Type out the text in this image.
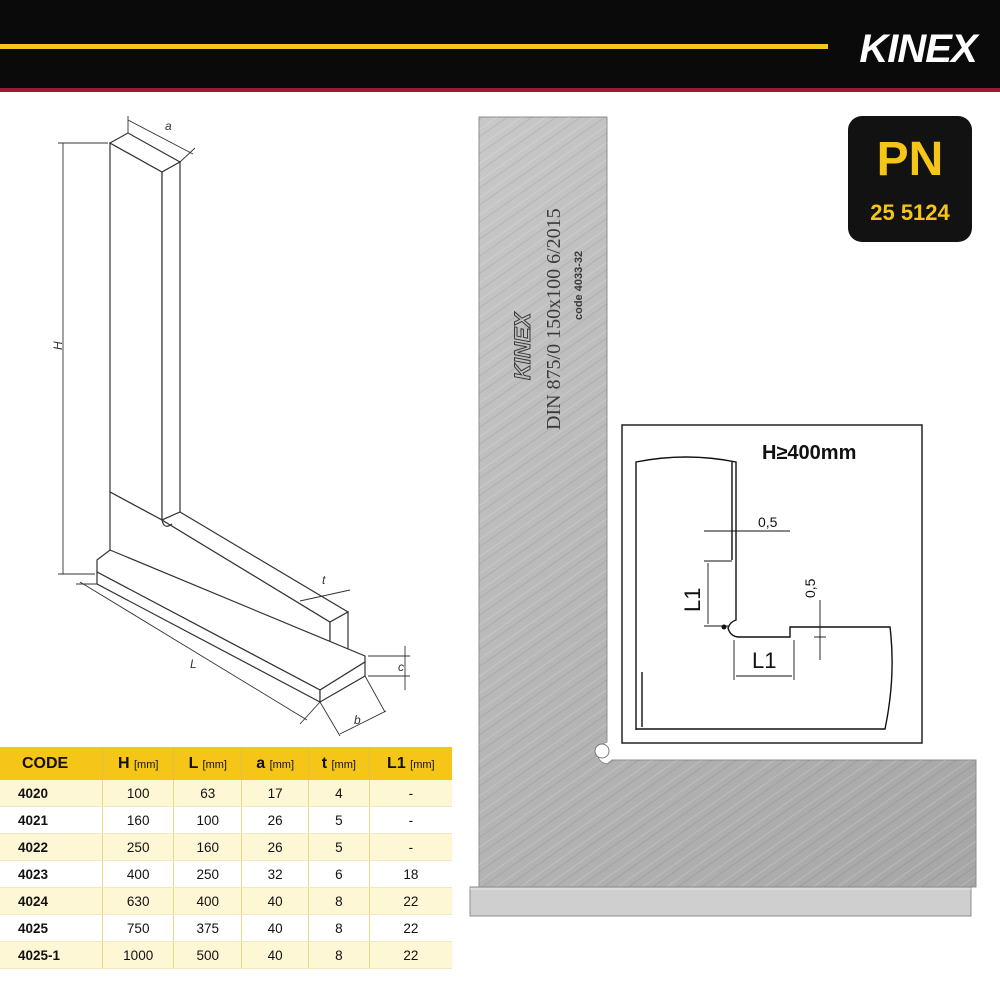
KINEX
PN
25 5124
a
H
L
t
c
b
DIN 875/0 150x100 6/2015 code 4033-32
KINEX
H≥400mm
0,5
0,5
L1
L1
CODE	H [mm]	L [mm]	a [mm]	t [mm]	L1 [mm]
4020	100	63	17	4	-
4021	160	100	26	5	-
4022	250	160	26	5	-
4023	400	250	32	6	18
4024	630	400	40	8	22
4025	750	375	40	8	22
4025-1	1000	500	40	8	22
